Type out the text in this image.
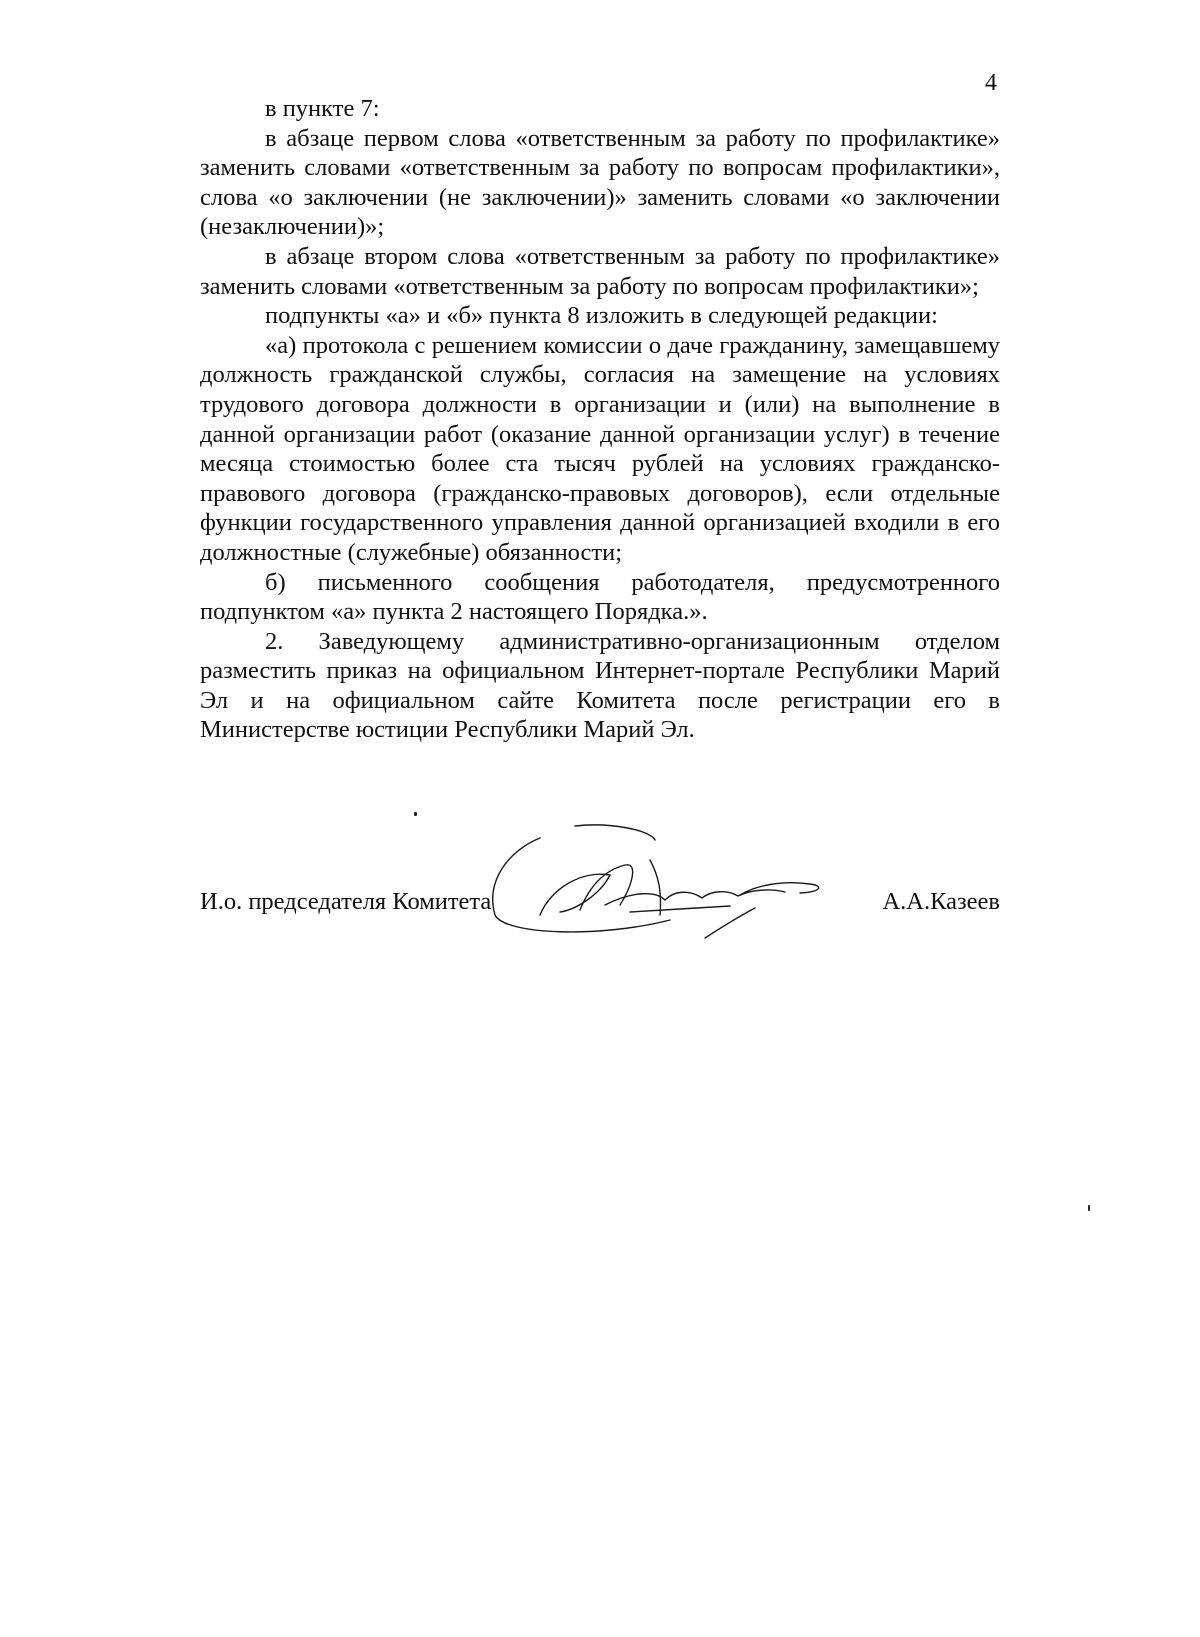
4

в пункте 7:

в абзаце первом слова «ответственным за работу по профилактике» заменить словами «ответственным за работу по вопросам профилактики», слова «о заключении (не заключении)» заменить словами «о заключении (незаключении)»;

в абзаце втором слова «ответственным за работу по профилактике» заменить словами «ответственным за работу по вопросам профилактики»;

подпункты «а» и «б» пункта 8 изложить в следующей редакции:

«а) протокола с решением комиссии о даче гражданину, замещавшему должность гражданской службы, согласия на замещение на условиях трудового договора должности в организации и (или) на выполнение в данной организации работ (оказание данной организации услуг) в течение месяца стоимостью более ста тысяч рублей на условиях гражданско-правового договора (гражданско-правовых договоров), если отдельные функции государственного управления данной организацией входили в его должностные (служебные) обязанности;

б) письменного сообщения работодателя, предусмотренного подпунктом «а» пункта 2 настоящего Порядка.».

2. Заведующему административно-организационным отделом разместить приказ на официальном Интернет-портале Республики Марий Эл и на официальном сайте Комитета после регистрации его в Министерстве юстиции Республики Марий Эл.

И.о. председателя Комитета	А.А.Казеев
